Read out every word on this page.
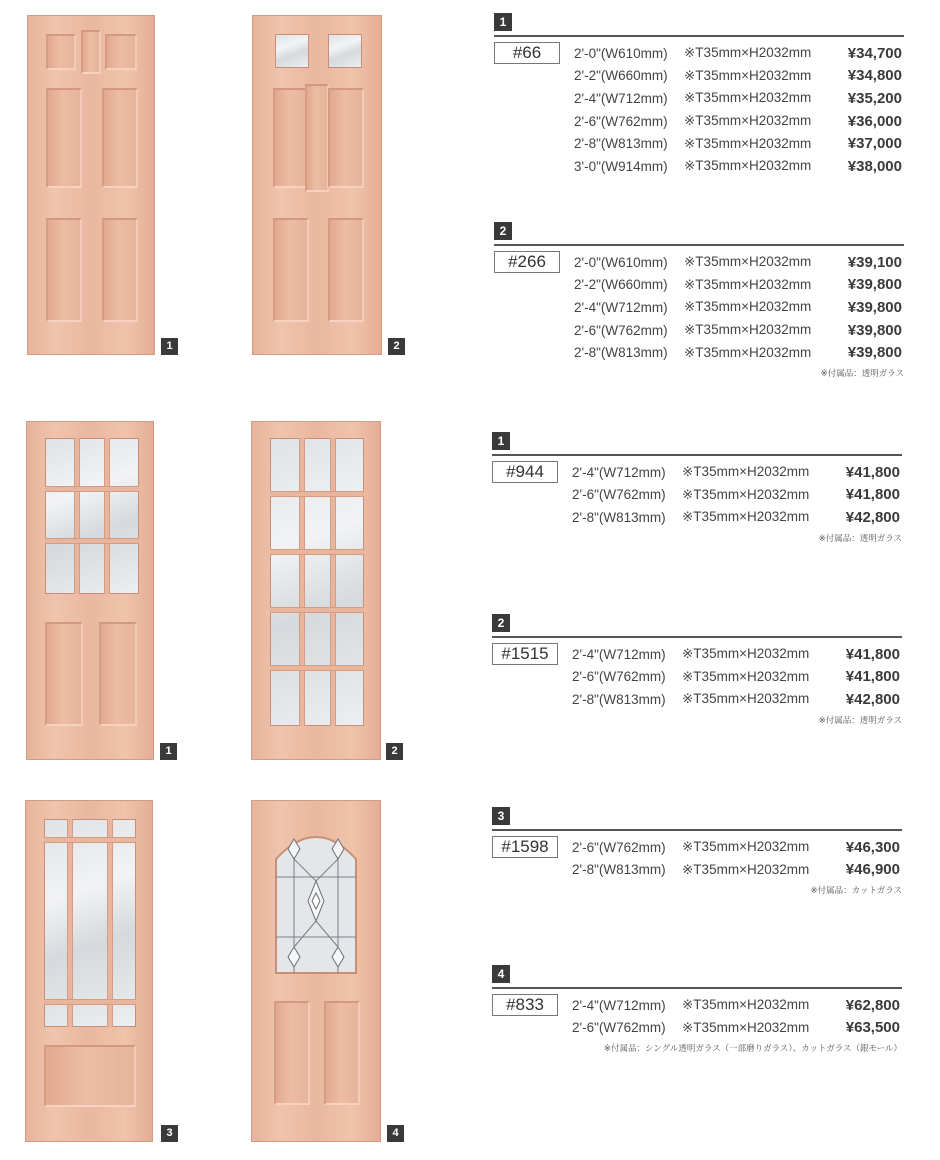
1	2
1	2
3	4
1
#66	2'-0"(W610mm)	※T35mm×H2032mm	¥34,700
2'-2"(W660mm)	※T35mm×H2032mm	¥34,800
2'-4"(W712mm)	※T35mm×H2032mm	¥35,200
2'-6"(W762mm)	※T35mm×H2032mm	¥36,000
2'-8"(W813mm)	※T35mm×H2032mm	¥37,000
3'-0"(W914mm)	※T35mm×H2032mm	¥38,000
2
#266	2'-0"(W610mm)	※T35mm×H2032mm	¥39,100
2'-2"(W660mm)	※T35mm×H2032mm	¥39,800
2'-4"(W712mm)	※T35mm×H2032mm	¥39,800
2'-6"(W762mm)	※T35mm×H2032mm	¥39,800
2'-8"(W813mm)	※T35mm×H2032mm	¥39,800
※付属品：透明ガラス
1
#944	2'-4"(W712mm)	※T35mm×H2032mm	¥41,800
2'-6"(W762mm)	※T35mm×H2032mm	¥41,800
2'-8"(W813mm)	※T35mm×H2032mm	¥42,800
※付属品：透明ガラス
2
#1515	2'-4"(W712mm)	※T35mm×H2032mm	¥41,800
2'-6"(W762mm)	※T35mm×H2032mm	¥41,800
2'-8"(W813mm)	※T35mm×H2032mm	¥42,800
※付属品：透明ガラス
3
#1598	2'-6"(W762mm)	※T35mm×H2032mm	¥46,300
2'-8"(W813mm)	※T35mm×H2032mm	¥46,900
※付属品：カットガラス
4
#833	2'-4"(W712mm)	※T35mm×H2032mm	¥62,800
2'-6"(W762mm)	※T35mm×H2032mm	¥63,500
※付属品：シングル透明ガラス（一部磨りガラス）、カットガラス（銀モール）
